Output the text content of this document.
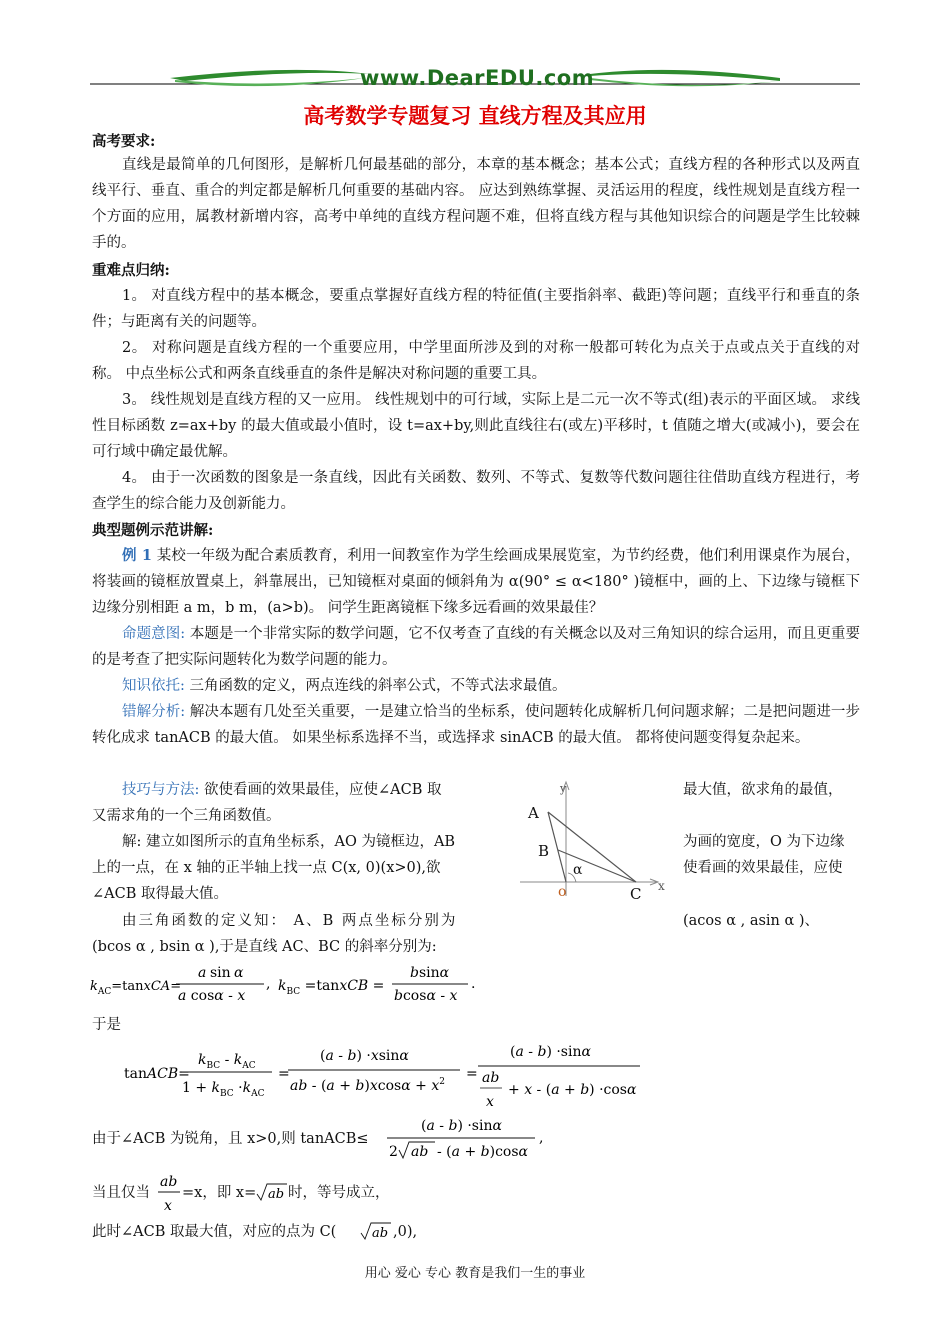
www.DearEDU.com
高考数学专题复习 直线方程及其应用
高考要求:
直线是最简单的几何图形，是解析几何最基础的部分，本章的基本概念；基本公式；直线方程的各种形式以及两直线平行、垂直、重合的判定都是解析几何重要的基础内容。 应达到熟练掌握、灵活运用的程度，线性规划是直线方程一个方面的应用，属教材新增内容，高考中单纯的直线方程问题不难，但将直线方程与其他知识综合的问题是学生比较棘手的。
重难点归纳:
1。 对直线方程中的基本概念，要重点掌握好直线方程的特征值(主要指斜率、截距)等问题；直线平行和垂直的条件；与距离有关的问题等。
2。 对称问题是直线方程的一个重要应用，中学里面所涉及到的对称一般都可转化为点关于点或点关于直线的对称。 中点坐标公式和两条直线垂直的条件是解决对称问题的重要工具。
3。 线性规划是直线方程的又一应用。 线性规划中的可行域，实际上是二元一次不等式(组)表示的平面区域。 求线性目标函数 z=ax+by 的最大值或最小值时，设 t=ax+by,则此直线往右(或左)平移时，t 值随之增大(或减小)，要会在可行域中确定最优解。
4。 由于一次函数的图象是一条直线，因此有关函数、数列、不等式、复数等代数问题往往借助直线方程进行，考查学生的综合能力及创新能力。
典型题例示范讲解:
例 1 某校一年级为配合素质教育，利用一间教室作为学生绘画成果展览室，为节约经费，他们利用课桌作为展台，将装画的镜框放置桌上，斜靠展出，已知镜框对桌面的倾斜角为 α(90° ≤ α<180° )镜框中，画的上、下边缘与镜框下边缘分别相距 a m，b m，(a>b)。 问学生距离镜框下缘多远看画的效果最佳？
命题意图: 本题是一个非常实际的数学问题，它不仅考查了直线的有关概念以及对三角知识的综合运用，而且更重要的是考查了把实际问题转化为数学问题的能力。
知识依托: 三角函数的定义，两点连线的斜率公式，不等式法求最值。
错解分析: 解决本题有几处至关重要，一是建立恰当的坐标系，使问题转化成解析几何问题求解；二是把问题进一步转化成求 tanACB 的最大值。 如果坐标系选择不当，或选择求 sinACB 的最大值。 都将使问题变得复杂起来。
技巧与方法: 欲使看画的效果最佳，应使∠ACB 取	最大值，欲求角的最值，
又需求角的一个三角函数值。
解: 建立如图所示的直角坐标系，AO 为镜框边，AB	为画的宽度，O 为下边缘
上的一点，在 x 轴的正半轴上找一点 C(x, 0)(x>0),欲	使看画的效果最佳，应使
∠ACB 取得最大值。
y
x
A
B
o	C
α
由三角函数的定义知： A、B 两点坐标分别为	(acos α , asin α )、
(bcos α , bsin α ),于是直线 AC、BC 的斜率分别为:
$k_{AC}=tanxCA=$
a sin α
a cosα - x
, $k_{BC}$ =tanxCB =
bsinα
bcosα - x
.
于是
tanACB=
$k_{BC} - k_{AC}$
$1 + k_{BC} \cdot k_{AC}$
=
(a - b) ·xsinα
ab - $(a + b)xcos\alpha + x^2$ =
(a - b) ·sinα
ab
x
+ x - (a + b) ·cosα
由于∠ACB 为锐角，且 x>0,则 tanACB≤
(a - b) ·sinα
2 ab - (a + b)cosα
,
当且仅当
ab
x
=x，即 x= ab 时，等号成立，
此时∠ACB 取最大值，对应的点为 C(	ab ,0),
用心 爱心 专心 教育是我们一生的事业
